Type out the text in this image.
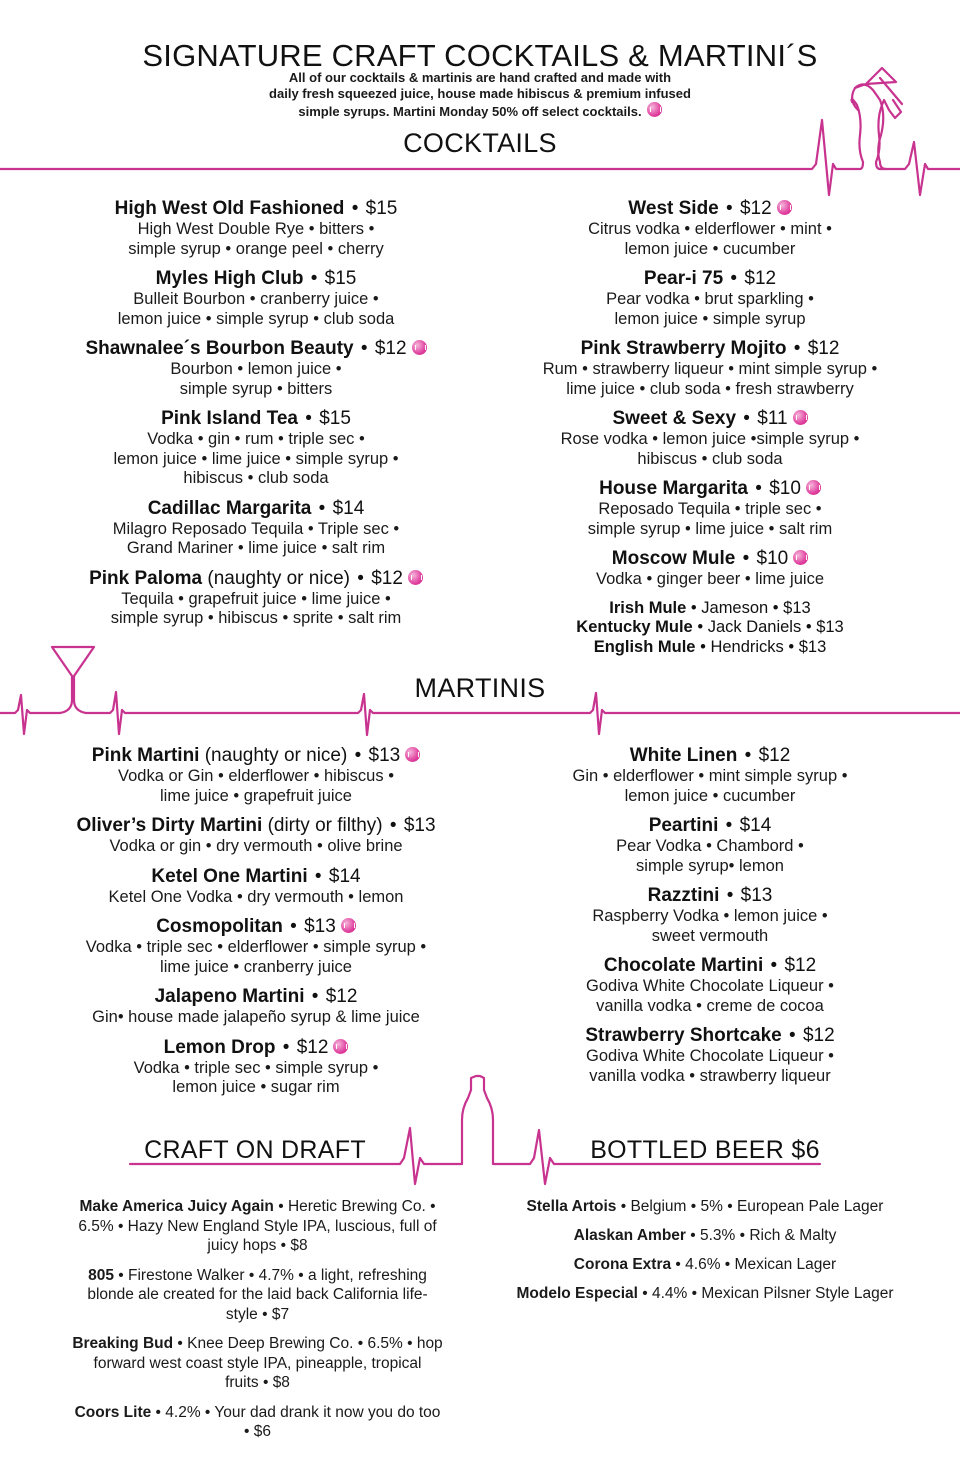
SIGNATURE CRAFT COCKTAILS & MARTINI´S
All of our cocktails & martinis are hand crafted and made with
daily fresh squeezed juice, house made hibiscus & premium infused
simple syrups. Martini Monday 50% off select cocktails.
COCKTAILS
High West Old Fashioned • $15
High West Double Rye • bitters •
simple syrup • orange peel • cherry
Myles High Club • $15
Bulleit Bourbon • cranberry juice •
lemon juice • simple syrup • club soda
Shawnalee´s Bourbon Beauty • $12
Bourbon • lemon juice •
simple syrup • bitters
Pink Island Tea • $15
Vodka • gin • rum • triple sec •
lemon juice • lime juice • simple syrup •
hibiscus • club soda
Cadillac Margarita • $14
Milagro Reposado Tequila • Triple sec •
Grand Mariner • lime juice • salt rim
Pink Paloma (naughty or nice) • $12
Tequila • grapefruit juice • lime juice •
simple syrup • hibiscus • sprite • salt rim
West Side • $12
Citrus vodka • elderflower • mint •
lemon juice • cucumber
Pear-i 75 • $12
Pear vodka • brut sparkling •
lemon juice • simple syrup
Pink Strawberry Mojito • $12
Rum • strawberry liqueur • mint simple syrup •
lime juice • club soda • fresh strawberry
Sweet & Sexy • $11
Rose vodka • lemon juice •simple syrup •
hibiscus • club soda
House Margarita • $10
Reposado Tequila • triple sec •
simple syrup • lime juice • salt rim
Moscow Mule • $10
Vodka • ginger beer • lime juice
Irish Mule • Jameson • $13
Kentucky Mule • Jack Daniels • $13
English Mule • Hendricks • $13
MARTINIS
Pink Martini (naughty or nice) • $13
Vodka or Gin • elderflower • hibiscus •
lime juice • grapefruit juice
Oliver’s Dirty Martini (dirty or filthy) • $13
Vodka or gin • dry vermouth • olive brine
Ketel One Martini • $14
Ketel One Vodka • dry vermouth • lemon
Cosmopolitan • $13
Vodka • triple sec • elderflower • simple syrup •
lime juice • cranberry juice
Jalapeno Martini • $12
Gin• house made jalapeño syrup & lime juice
Lemon Drop • $12
Vodka • triple sec • simple syrup •
lemon juice • sugar rim
White Linen • $12
Gin • elderflower • mint simple syrup •
lemon juice • cucumber
Peartini • $14
Pear Vodka • Chambord •
simple syrup• lemon
Razztini • $13
Raspberry Vodka • lemon juice •
sweet vermouth
Chocolate Martini • $12
Godiva White Chocolate Liqueur •
vanilla vodka • creme de cocoa
Strawberry Shortcake • $12
Godiva White Chocolate Liqueur •
vanilla vodka • strawberry liqueur
CRAFT ON DRAFT	BOTTLED BEER $6
Make America Juicy Again • Heretic Brewing Co. •
6.5% • Hazy New England Style IPA, luscious, full of
juicy hops • $8
805 • Firestone Walker • 4.7% • a light, refreshing
blonde ale created for the laid back California life-
style • $7
Breaking Bud • Knee Deep Brewing Co. • 6.5% • hop
forward west coast style IPA, pineapple, tropical
fruits • $8
Coors Lite • 4.2% • Your dad drank it now you do too
• $6
Stella Artois • Belgium • 5% • European Pale Lager
Alaskan Amber • 5.3% • Rich & Malty
Corona Extra • 4.6% • Mexican Lager
Modelo Especial • 4.4% • Mexican Pilsner Style Lager
